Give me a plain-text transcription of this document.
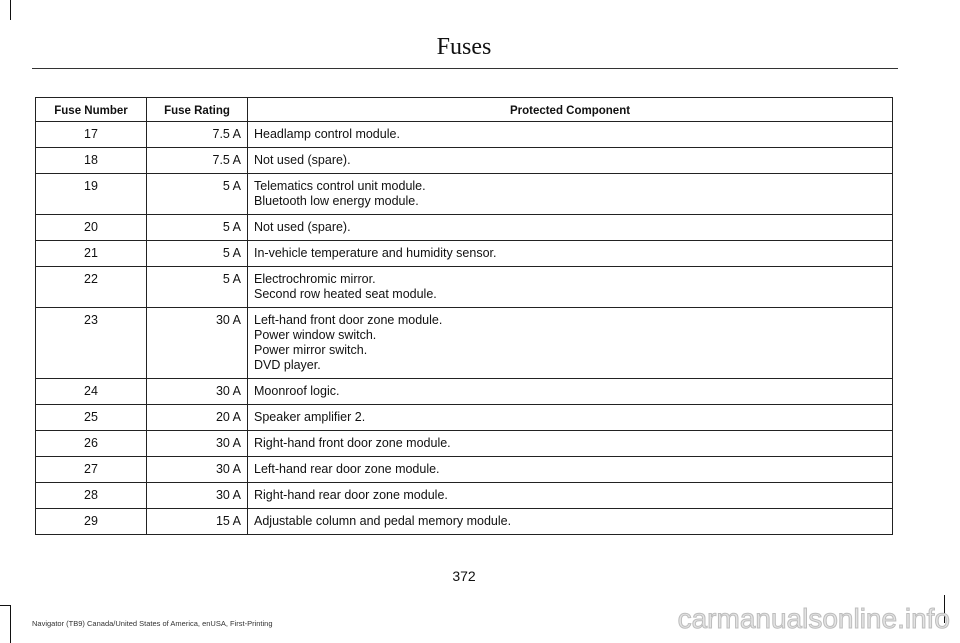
Fuses
Fuse Number	Fuse Rating	Protected Component
17	7.5 A	Headlamp control module.

18	7.5 A	Not used (spare).

19	5 A	Telematics control unit module.
Bluetooth low energy module.

20	5 A	Not used (spare).

21	5 A	In-vehicle temperature and humidity sensor.

22	5 A	Electrochromic mirror.
Second row heated seat module.

23	30 A	Left-hand front door zone module.
Power window switch.
Power mirror switch.
DVD player.

24	30 A	Moonroof logic.

25	20 A	Speaker amplifier 2.

26	30 A	Right-hand front door zone module.

27	30 A	Left-hand rear door zone module.

28	30 A	Right-hand rear door zone module.

29	15 A	Adjustable column and pedal memory module.
372
Navigator (TB9) Canada/United States of America, enUSA, First-Printing	carmanualsonline.info
